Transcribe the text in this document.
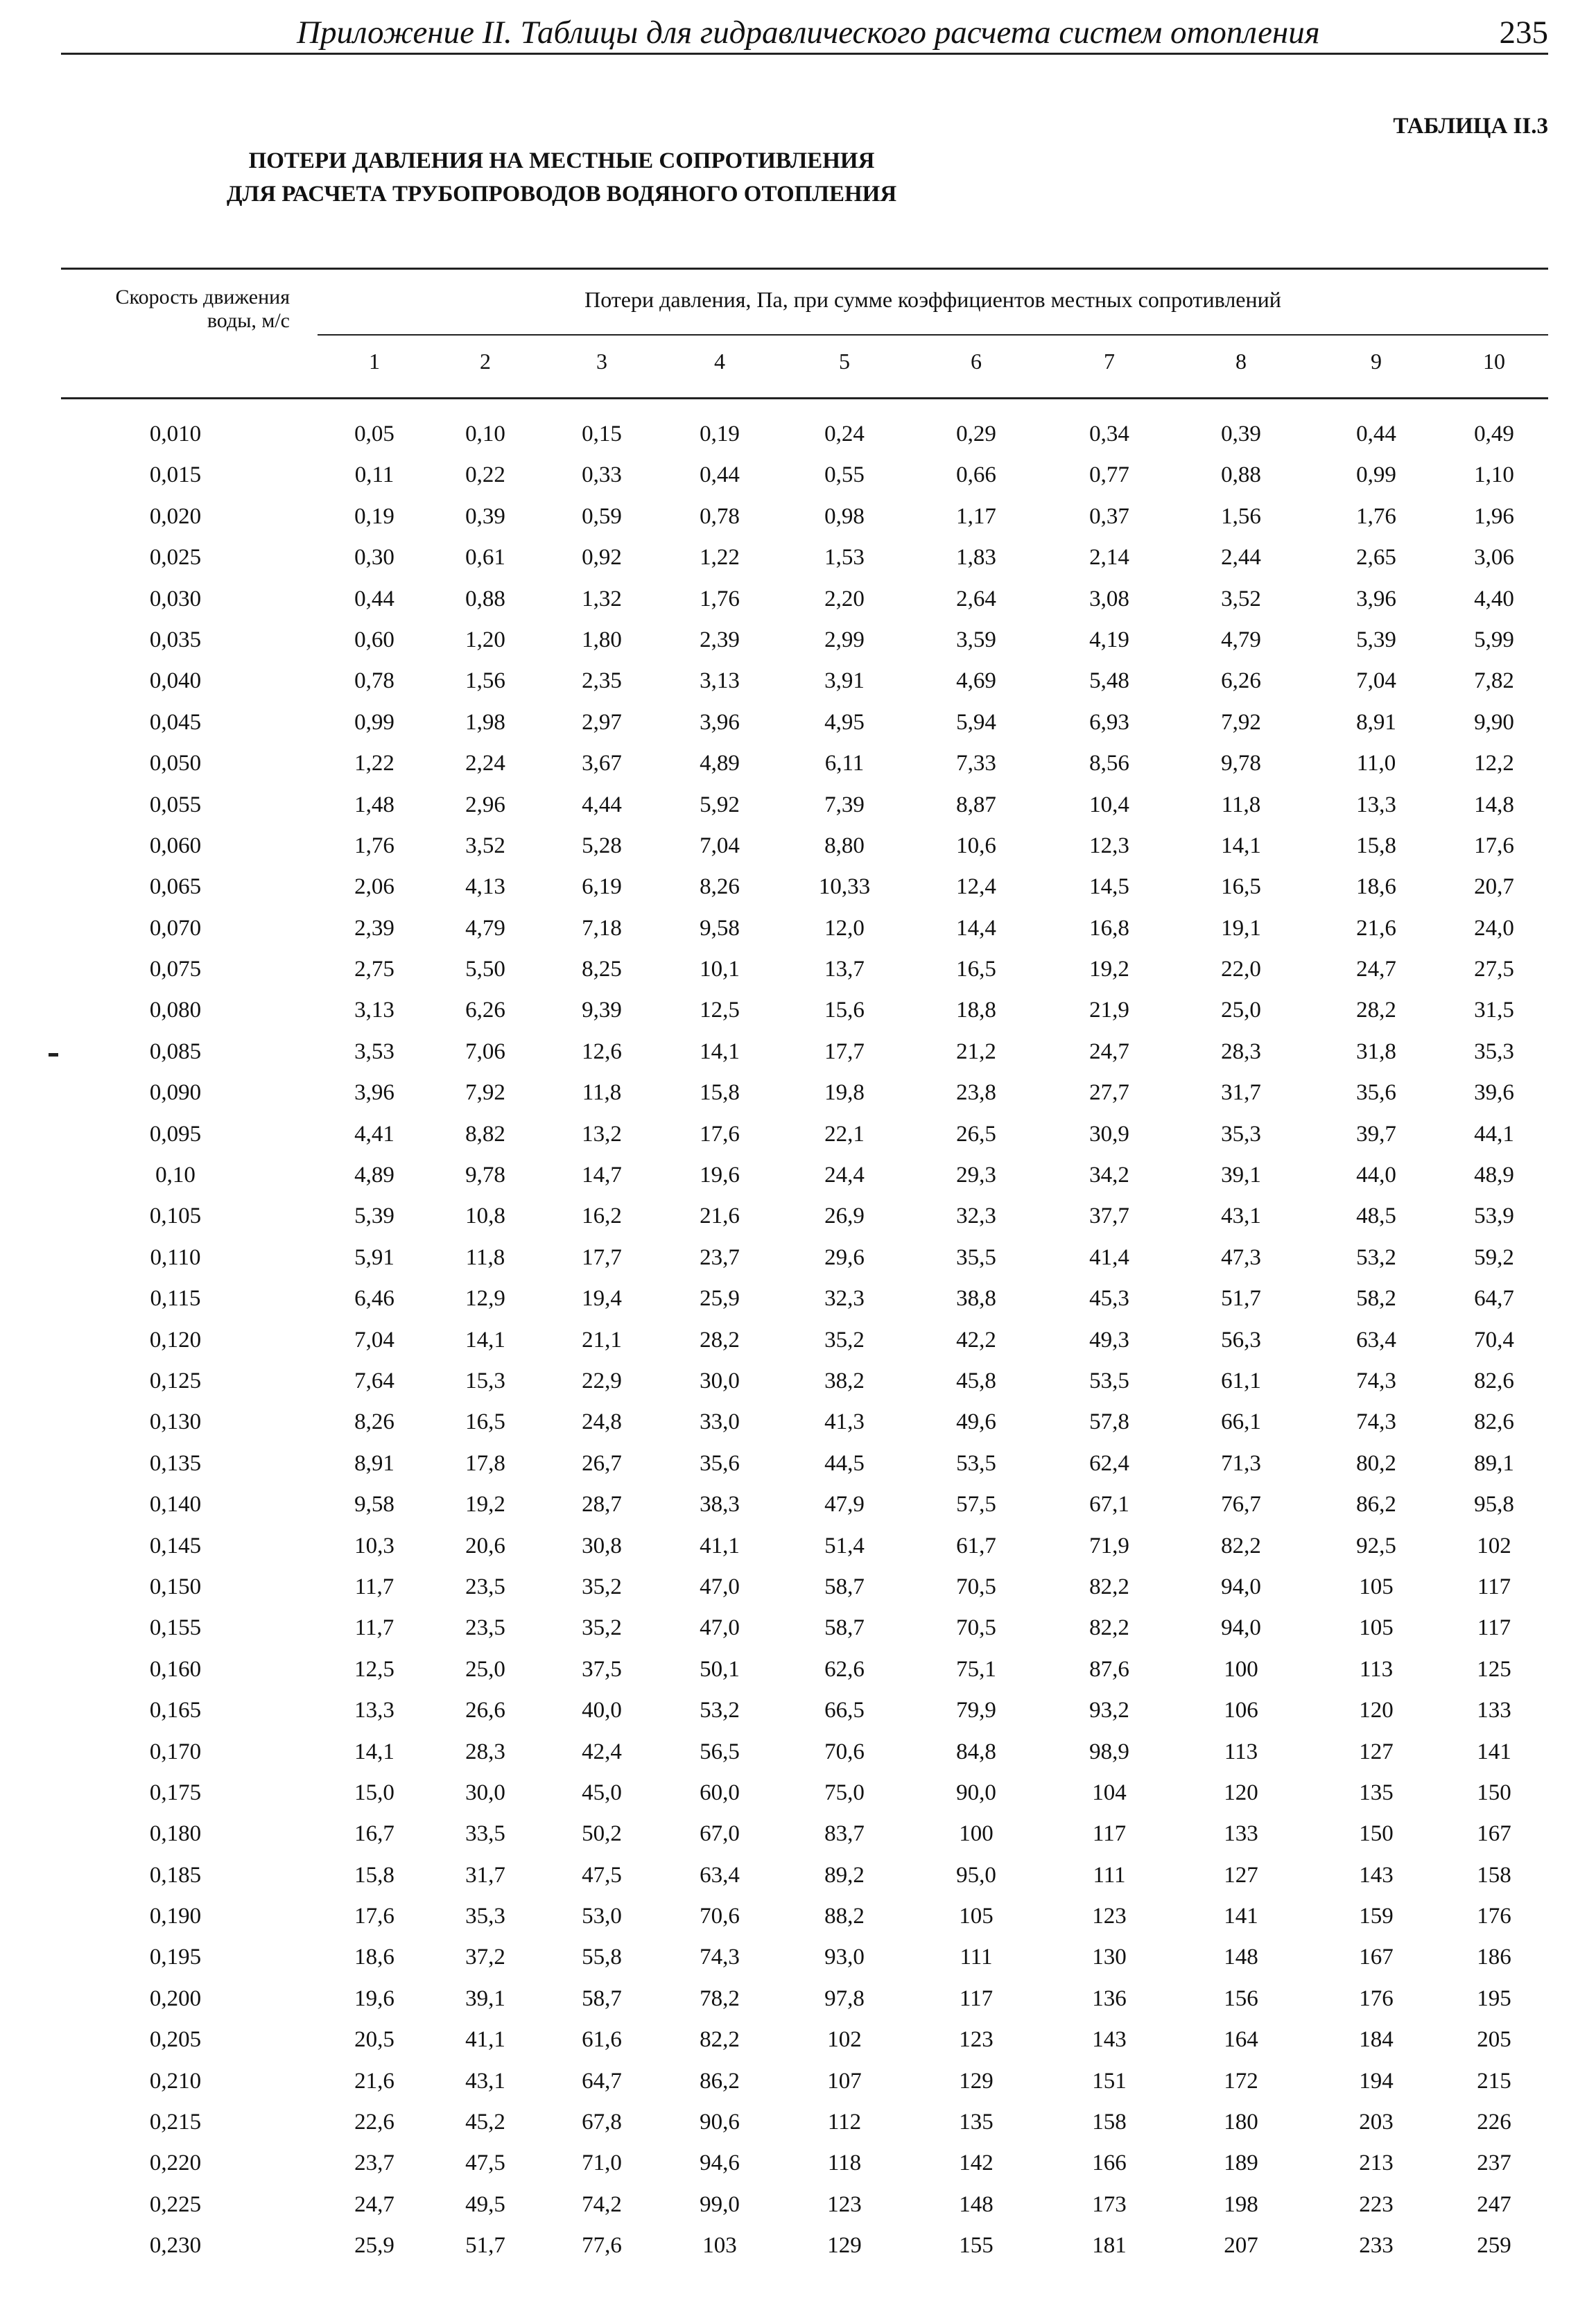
Приложение II. Таблицы для гидравлического расчета систем отопления	235
ТАБЛИЦА II.3
ПОТЕРИ ДАВЛЕНИЯ НА МЕСТНЫЕ СОПРОТИВЛЕНИЯ
ДЛЯ РАСЧЕТА ТРУБОПРОВОДОВ ВОДЯНОГО ОТОПЛЕНИЯ
Скорость движения
воды, м/с
Потери давления, Па, при сумме коэффициентов местных сопротивлений
1	2	3	4	5	6	7	8	9	10
0,010	0,05	0,10	0,15	0,19	0,24	0,29	0,34	0,39	0,44	0,49
0,015	0,11	0,22	0,33	0,44	0,55	0,66	0,77	0,88	0,99	1,10
0,020	0,19	0,39	0,59	0,78	0,98	1,17	0,37	1,56	1,76	1,96
0,025	0,30	0,61	0,92	1,22	1,53	1,83	2,14	2,44	2,65	3,06
0,030	0,44	0,88	1,32	1,76	2,20	2,64	3,08	3,52	3,96	4,40
0,035	0,60	1,20	1,80	2,39	2,99	3,59	4,19	4,79	5,39	5,99
0,040	0,78	1,56	2,35	3,13	3,91	4,69	5,48	6,26	7,04	7,82
0,045	0,99	1,98	2,97	3,96	4,95	5,94	6,93	7,92	8,91	9,90
0,050	1,22	2,24	3,67	4,89	6,11	7,33	8,56	9,78	11,0	12,2
0,055	1,48	2,96	4,44	5,92	7,39	8,87	10,4	11,8	13,3	14,8
0,060	1,76	3,52	5,28	7,04	8,80	10,6	12,3	14,1	15,8	17,6
0,065	2,06	4,13	6,19	8,26	10,33	12,4	14,5	16,5	18,6	20,7
0,070	2,39	4,79	7,18	9,58	12,0	14,4	16,8	19,1	21,6	24,0
0,075	2,75	5,50	8,25	10,1	13,7	16,5	19,2	22,0	24,7	27,5
0,080	3,13	6,26	9,39	12,5	15,6	18,8	21,9	25,0	28,2	31,5
0,085	3,53	7,06	12,6	14,1	17,7	21,2	24,7	28,3	31,8	35,3
0,090	3,96	7,92	11,8	15,8	19,8	23,8	27,7	31,7	35,6	39,6
0,095	4,41	8,82	13,2	17,6	22,1	26,5	30,9	35,3	39,7	44,1
0,10	4,89	9,78	14,7	19,6	24,4	29,3	34,2	39,1	44,0	48,9
0,105	5,39	10,8	16,2	21,6	26,9	32,3	37,7	43,1	48,5	53,9
0,110	5,91	11,8	17,7	23,7	29,6	35,5	41,4	47,3	53,2	59,2
0,115	6,46	12,9	19,4	25,9	32,3	38,8	45,3	51,7	58,2	64,7
0,120	7,04	14,1	21,1	28,2	35,2	42,2	49,3	56,3	63,4	70,4
0,125	7,64	15,3	22,9	30,0	38,2	45,8	53,5	61,1	74,3	82,6
0,130	8,26	16,5	24,8	33,0	41,3	49,6	57,8	66,1	74,3	82,6
0,135	8,91	17,8	26,7	35,6	44,5	53,5	62,4	71,3	80,2	89,1
0,140	9,58	19,2	28,7	38,3	47,9	57,5	67,1	76,7	86,2	95,8
0,145	10,3	20,6	30,8	41,1	51,4	61,7	71,9	82,2	92,5	102
0,150	11,7	23,5	35,2	47,0	58,7	70,5	82,2	94,0	105	117
0,155	11,7	23,5	35,2	47,0	58,7	70,5	82,2	94,0	105	117
0,160	12,5	25,0	37,5	50,1	62,6	75,1	87,6	100	113	125
0,165	13,3	26,6	40,0	53,2	66,5	79,9	93,2	106	120	133
0,170	14,1	28,3	42,4	56,5	70,6	84,8	98,9	113	127	141
0,175	15,0	30,0	45,0	60,0	75,0	90,0	104	120	135	150
0,180	16,7	33,5	50,2	67,0	83,7	100	117	133	150	167
0,185	15,8	31,7	47,5	63,4	89,2	95,0	111	127	143	158
0,190	17,6	35,3	53,0	70,6	88,2	105	123	141	159	176
0,195	18,6	37,2	55,8	74,3	93,0	111	130	148	167	186
0,200	19,6	39,1	58,7	78,2	97,8	117	136	156	176	195
0,205	20,5	41,1	61,6	82,2	102	123	143	164	184	205
0,210	21,6	43,1	64,7	86,2	107	129	151	172	194	215
0,215	22,6	45,2	67,8	90,6	112	135	158	180	203	226
0,220	23,7	47,5	71,0	94,6	118	142	166	189	213	237
0,225	24,7	49,5	74,2	99,0	123	148	173	198	223	247
0,230	25,9	51,7	77,6	103	129	155	181	207	233	259
